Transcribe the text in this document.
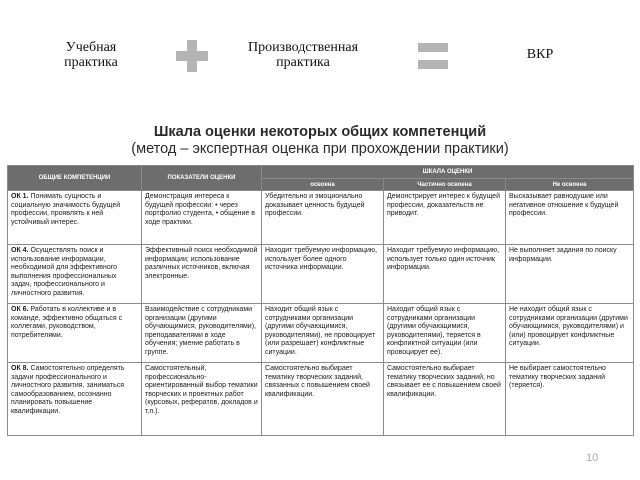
Учебная практика
Производственная практика
ВКР
Шкала оценки некоторых общих компетенций
(метод – экспертная оценка при прохождении практики)
ОБЩИЕ КОМПЕТЕНЦИИ	ПОКАЗАТЕЛИ ОЦЕНКИ	ШКАЛА ОЦЕНКИ		
		освоена	Частично освоена	Не освоена
ОК 1. Понимать сущность и социальную значимость будущей профессии, проявлять к ней устойчивый интерес.	Демонстрация интереса к будущей профессии: • через портфолио студента, • общение в ходе практики.	Убедительно и эмоционально доказывает ценность будущей профессии.	Демонстрирует интерес к будущей профессии, доказательств не приводит.	Высказывает равнодушие или негативное отношение к будущей профессии.
ОК 4. Осуществлять поиск и использование информации, необходимой для эффективного выполнения профессиональных задач, профессионального и личностного развития.	Эффективный поиск необходимой информации; использование различных источников, включая электронные.	Находит требуемую информацию, использует более одного источника информации.	Находит требуемую информацию, использует только один источник информации.	Не выполняет задания по поиску информации.
ОК 6. Работать в коллективе и в команде, эффективно общаться с коллегами, руководством, потребителями.	Взаимодействие с сотрудниками организации (другими обучающимися, руководителями), преподавателями в ходе обучения; умение работать в группе.	Находит общий язык с сотрудниками организации (другими обучающимися, руководителями), не провоцирует (или разрешает) конфликтные ситуации.	Находит общий язык с сотрудниками организации (другими обучающимися, руководителями), теряется в конфликтной ситуации (или провоцирует ее).	Не находит общий язык с сотрудниками организации (другими обучающимися, руководителями) и (или) провоцирует конфликтные ситуации.
ОК 8. Самостоятельно определять задачи профессионального и личностного развития, заниматься самообразованием, осознанно планировать повышение квалификации.	Самостоятельный, профессионально-ориентированный выбор тематики творческих и проектных работ (курсовых, рефератов, докладов и т.п.).	Самостоятельно выбирает тематику творческих заданий, связанных с повышением своей квалификации.	Самостоятельно выбирает тематику творческих заданий, но связывает ее с повышением своей квалификации.	Не выбирает самостоятельно тематику творческих заданий (теряется).
10
